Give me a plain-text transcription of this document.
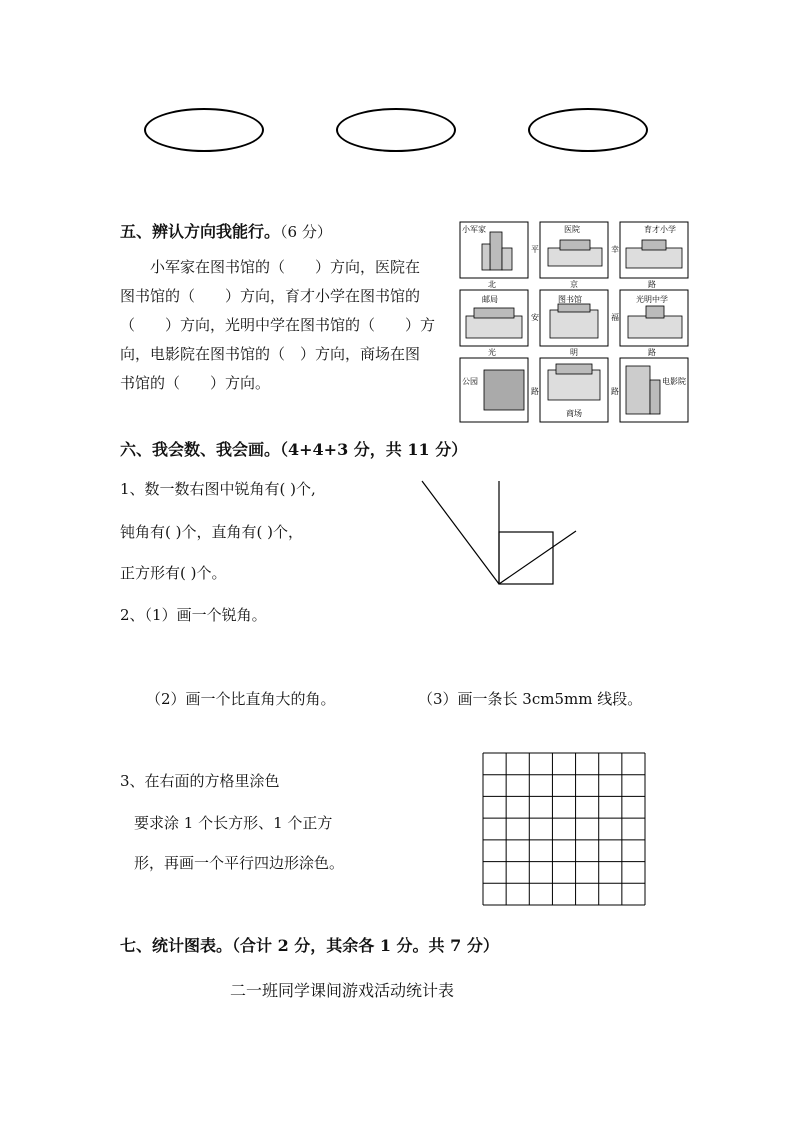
五、辨认方向我能行。（6 分）
小军家在图书馆的（　　）方向，医院在
图书馆的（　　）方向，育才小学在图书馆的
（　　）方向，光明中学在图书馆的（　　）方
向，电影院在图书馆的（　）方向，商场在图
书馆的（　　）方向。
小军家	医院	育才小学
邮局	图书馆	光明中学
公园
商场
电影院
北	京	路
光	明	路
平
安
路
幸
福
路
六、我会数、我会画。（4+4+3 分，共 11 分）
1、数一数右图中锐角有( )个,
钝角有( )个，直角有( )个，
正方形有( )个。
2、（1）画一个锐角。
（2）画一个比直角大的角。	（3）画一条长 3cm5mm 线段。
3、在右面的方格里涂色
要求涂 1 个长方形、1 个正方
形，再画一个平行四边形涂色。
七、统计图表。（合计 2 分，其余各 1 分。共 7 分）
二一班同学课间游戏活动统计表
